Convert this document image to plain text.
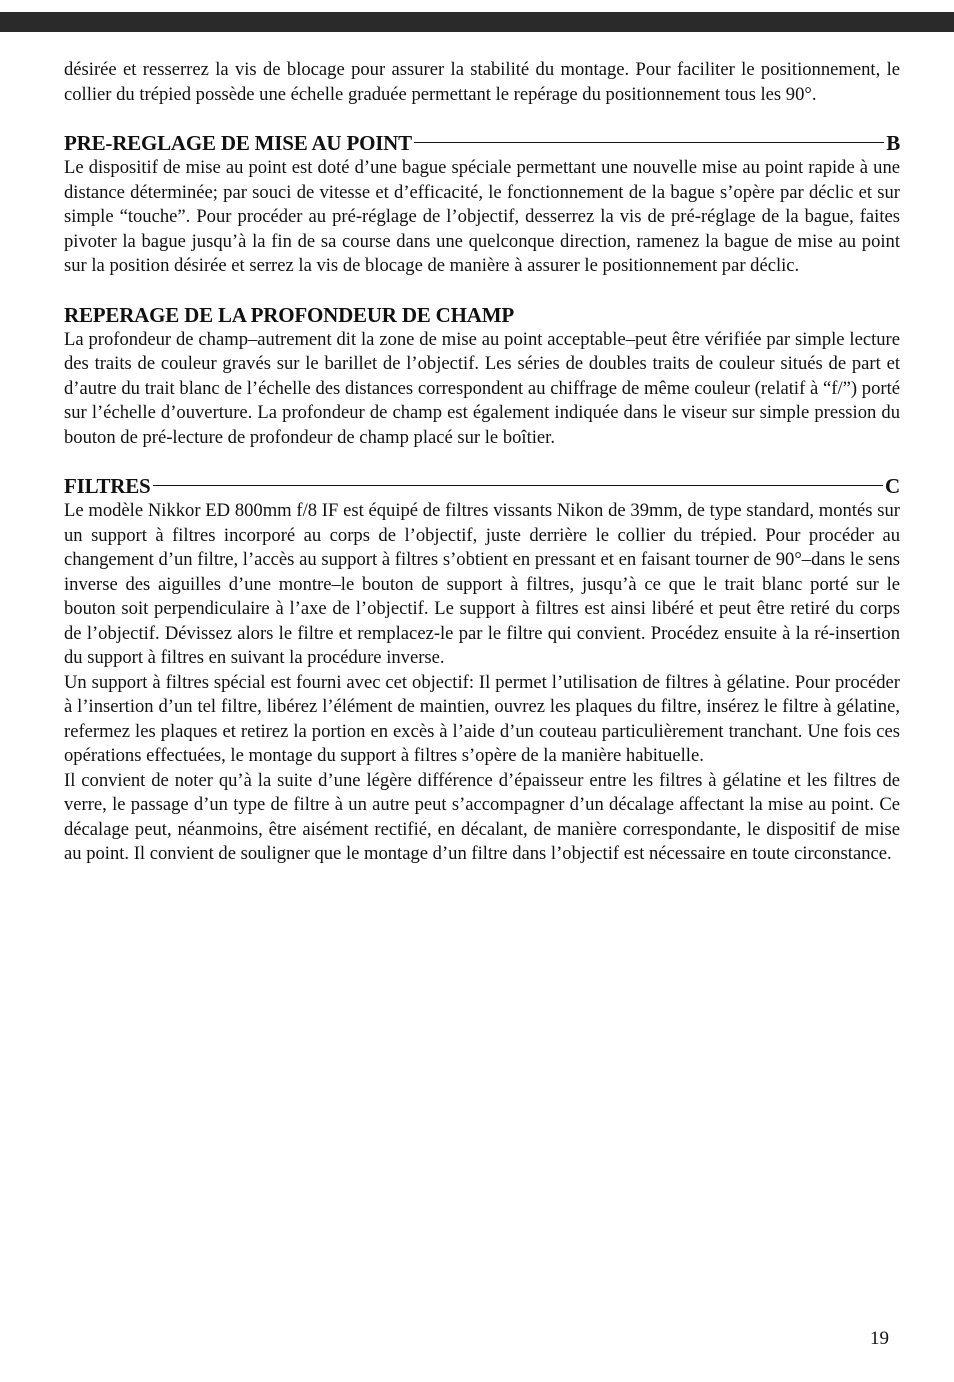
désirée et resserrez la vis de blocage pour assurer la stabilité du montage. Pour faciliter le positionnement, le collier du trépied possède une échelle graduée permettant le repérage du positionnement tous les 90°.

PRE-REGLAGE DE MISE AU POINT	B

Le dispositif de mise au point est doté d’une bague spéciale permettant une nouvelle mise au point rapide à une distance déterminée; par souci de vitesse et d’efficacité, le fonctionnement de la bague s’opère par déclic et sur simple “touche”. Pour procéder au pré-réglage de l’objectif, desserrez la vis de pré-réglage de la bague, faites pivoter la bague jusqu’à la fin de sa course dans une quelconque direction, ramenez la bague de mise au point sur la position désirée et serrez la vis de blocage de manière à assurer le positionnement par déclic.

REPERAGE DE LA PROFONDEUR DE CHAMP

La profondeur de champ–autrement dit la zone de mise au point acceptable–peut être vérifiée par simple lecture des traits de couleur gravés sur le barillet de l’objectif. Les séries de doubles traits de couleur situés de part et d’autre du trait blanc de l’échelle des distances correspondent au chiffrage de même couleur (relatif à “f/”) porté sur l’échelle d’ouverture. La profondeur de champ est également indiquée dans le viseur sur simple pression du bouton de pré-lecture de profondeur de champ placé sur le boîtier.

FILTRES	C

Le modèle Nikkor ED 800mm f/8 IF est équipé de filtres vissants Nikon de 39mm, de type standard, montés sur un support à filtres incorporé au corps de l’objectif, juste derrière le collier du trépied. Pour procéder au changement d’un filtre, l’accès au support à filtres s’obtient en pressant et en faisant tourner de 90°–dans le sens inverse des aiguilles d’une montre–le bouton de support à filtres, jusqu’à ce que le trait blanc porté sur le bouton soit perpendiculaire à l’axe de l’objectif. Le support à filtres est ainsi libéré et peut être retiré du corps de l’objectif. Dévissez alors le filtre et remplacez-le par le filtre qui convient. Procédez ensuite à la ré-insertion du support à filtres en suivant la procédure inverse.

Un support à filtres spécial est fourni avec cet objectif: Il permet l’utilisation de filtres à gélatine. Pour procéder à l’insertion d’un tel filtre, libérez l’élément de maintien, ouvrez les plaques du filtre, insérez le filtre à gélatine, refermez les plaques et retirez la portion en excès à l’aide d’un couteau particulièrement tranchant. Une fois ces opérations effectuées, le montage du support à filtres s’opère de la manière habituelle.

Il convient de noter qu’à la suite d’une légère différence d’épaisseur entre les filtres à gélatine et les filtres de verre, le passage d’un type de filtre à un autre peut s’accompagner d’un décalage affectant la mise au point. Ce décalage peut, néanmoins, être aisément rectifié, en décalant, de manière correspondante, le dispositif de mise au point. Il convient de souligner que le montage d’un filtre dans l’objectif est nécessaire en toute circonstance.

19
